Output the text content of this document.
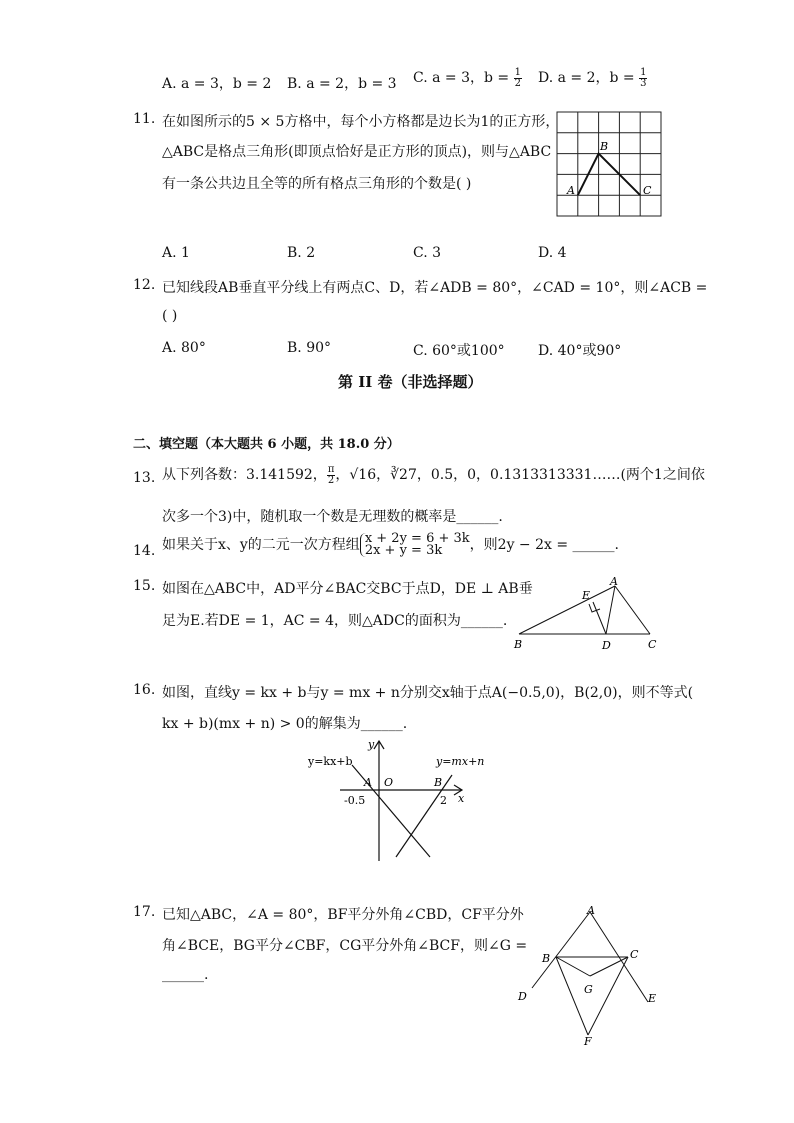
A. a = 3，b = 2 B. a = 2，b = 3 C. a = 3，$b = \frac{1}{2} D$. a = 2，$b = \frac{1}{3}$
11. 在如图所示的5 × 5方格中，每个小方格都是边长为1的正方形，
△ABC是格点三角形(即顶点恰好是正方形的顶点)，则与△ABC
有一条公共边且全等的所有格点三角形的个数是( )	A
B
C
A. 1	B. 2	C. 3	D. 4
12. 已知线段AB垂直平分线上有两点C、D，若∠ADB = 80°，∠CAD = 10°，则∠ACB =
( )
A. 80°	B. 90°	C. 60°或100° D. 40°或90°
第 II 卷（非选择题）
二、填空题（本大题共 6 小题，共 18.0 分）
13. 从下列各数：3.141592， $\frac{\pi}{2}$ ，√16，∛27，0.5，0，0.1313313331……(两个1之间依
次多一个3)中，随机取一个数是无理数的概率是______.
14. 如果关于x、y的二元一次方程组 x + 2y = 6 + 3k
2x + y = 3k	，则2y − 2x = ______.
15. 如图在△ABC中，AD平分∠BAC交BC于点D，DE ⊥ AB垂
足为E.若DE = 1，AC = 4，则△ADC的面积为______.
A
B	C
D
E
16. 如图，直线y = kx + b与y = mx + n分别交x轴于点A(−0.5,0)，B(2,0)，则不等式(
kx + b)(mx + n) > 0的解集为______.
y
x
y=kx+b	y=mx+n
A O	B
-0.5	2
17. 已知△ABC，∠A = 80°，BF平分外角∠CBD，CF平分外
角∠BCE，BG平分∠CBF，CG平分外角∠BCF，则∠G =
______.
A
B	C
D	E
F
G
